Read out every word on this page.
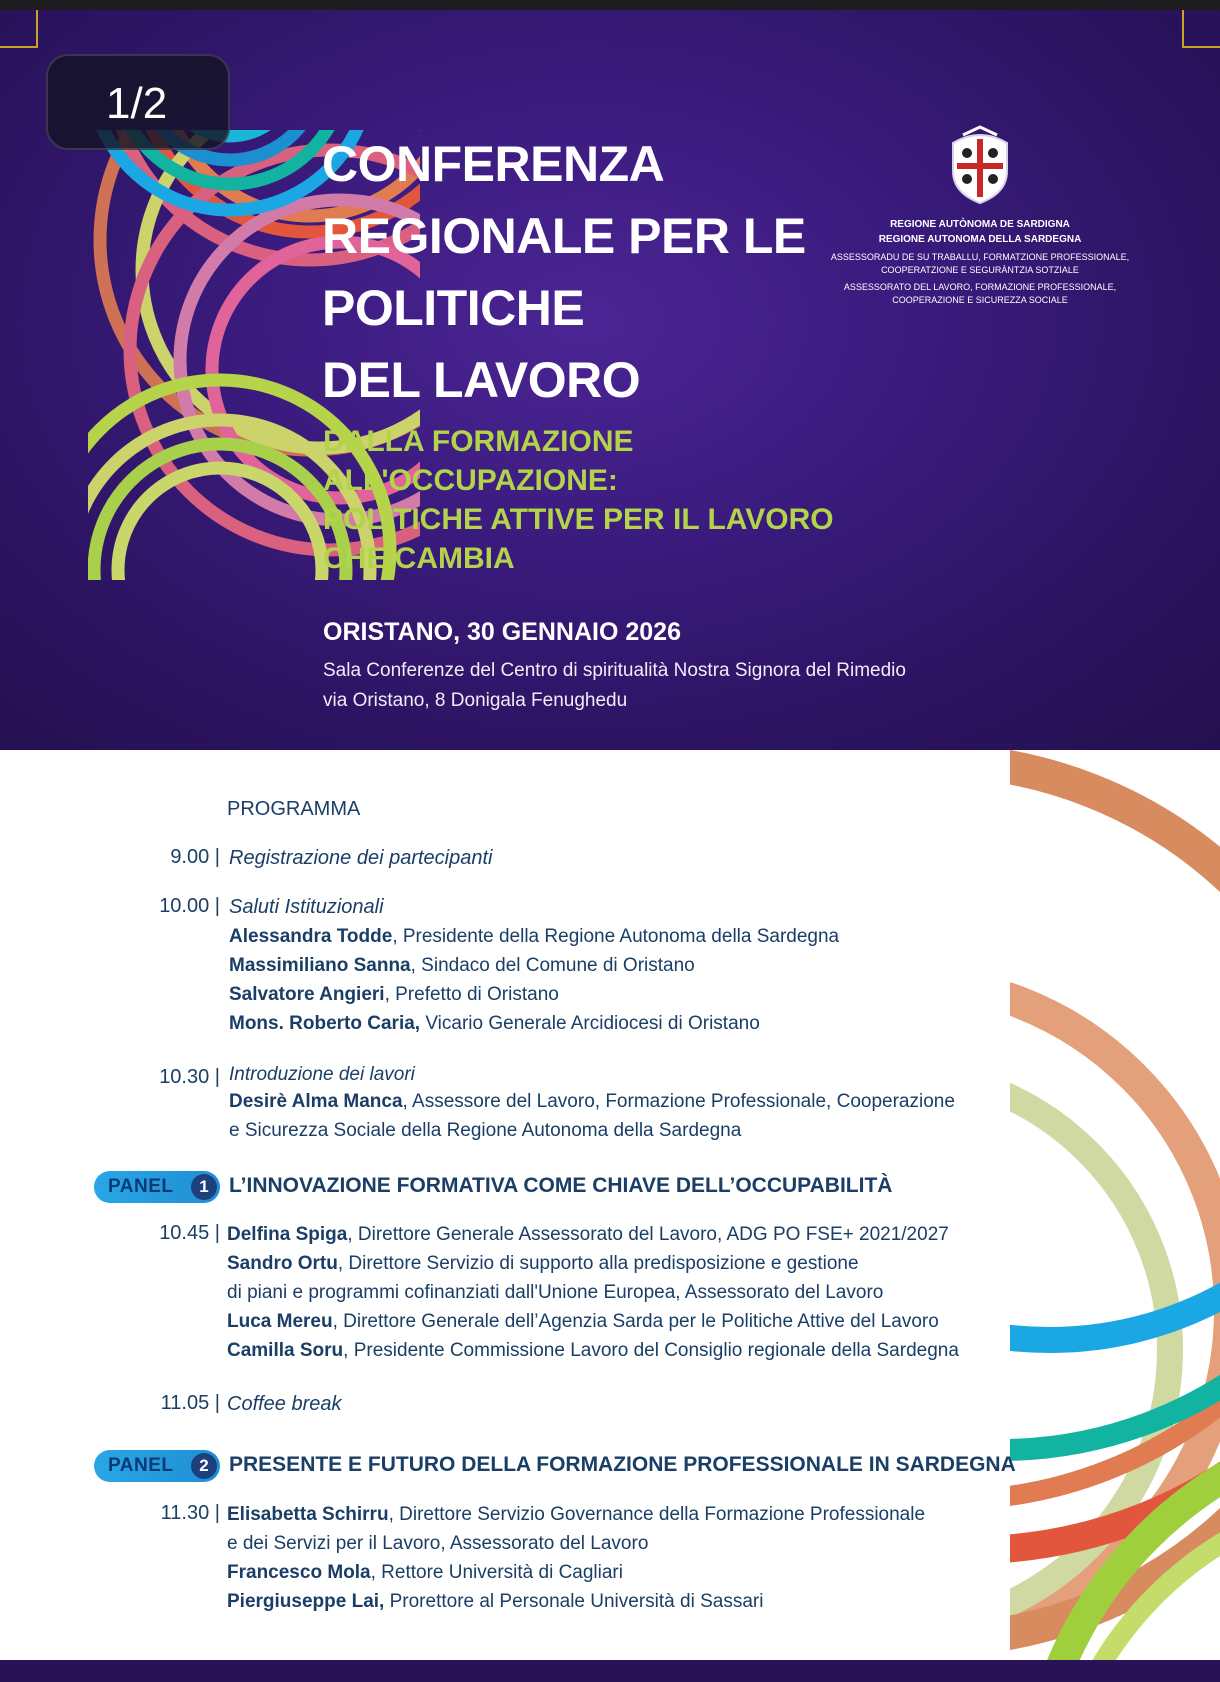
1/2
CONFERENZA
REGIONALE PER LE
POLITICHE
DEL LAVORO
DALLA FORMAZIONE
ALL'OCCUPAZIONE:
POLITICHE ATTIVE PER IL LAVORO
CHE CAMBIA

ORISTANO, 30 GENNAIO 2026

Sala Conferenze del Centro di spiritualità Nostra Signora del Rimedio
via Oristano, 8 Donigala Fenughedu
REGIONE AUTÒNOMA DE SARDIGNA
REGIONE AUTONOMA DELLA SARDEGNA
ASSESSORADU DE SU TRABALLU, FORMATZIONE PROFESSIONALE,
COOPERATZIONE E SEGURÀNTZIA SOTZIALE
ASSESSORATO DEL LAVORO, FORMAZIONE PROFESSIONALE,
COOPERAZIONE E SICUREZZA SOCIALE
PROGRAMMA
9.00 | Registrazione dei partecipanti
10.00 | Saluti Istituzionali
Alessandra Todde, Presidente della Regione Autonoma della Sardegna
Massimiliano Sanna, Sindaco del Comune di Oristano
Salvatore Angieri, Prefetto di Oristano
Mons. Roberto Caria, Vicario Generale Arcidiocesi di Oristano
10.30 | Introduzione dei lavori
Desirè Alma Manca, Assessore del Lavoro, Formazione Professionale, Cooperazione
e Sicurezza Sociale della Regione Autonoma della Sardegna
PANEL	1 L’INNOVAZIONE FORMATIVA COME CHIAVE DELL’OCCUPABILITÀ
10.45 | Delfina Spiga, Direttore Generale Assessorato del Lavoro, ADG PO FSE+ 2021/2027
Sandro Ortu, Direttore Servizio di supporto alla predisposizione e gestione
di piani e programmi cofinanziati dall'Unione Europea, Assessorato del Lavoro
Luca Mereu, Direttore Generale dell’Agenzia Sarda per le Politiche Attive del Lavoro
Camilla Soru, Presidente Commissione Lavoro del Consiglio regionale della Sardegna
11.05 | Coffee break
PANEL	2 PRESENTE E FUTURO DELLA FORMAZIONE PROFESSIONALE IN SARDEGNA
11.30 | Elisabetta Schirru, Direttore Servizio Governance della Formazione Professionale
e dei Servizi per il Lavoro, Assessorato del Lavoro
Francesco Mola, Rettore Università di Cagliari
Piergiuseppe Lai, Prorettore al Personale Università di Sassari
